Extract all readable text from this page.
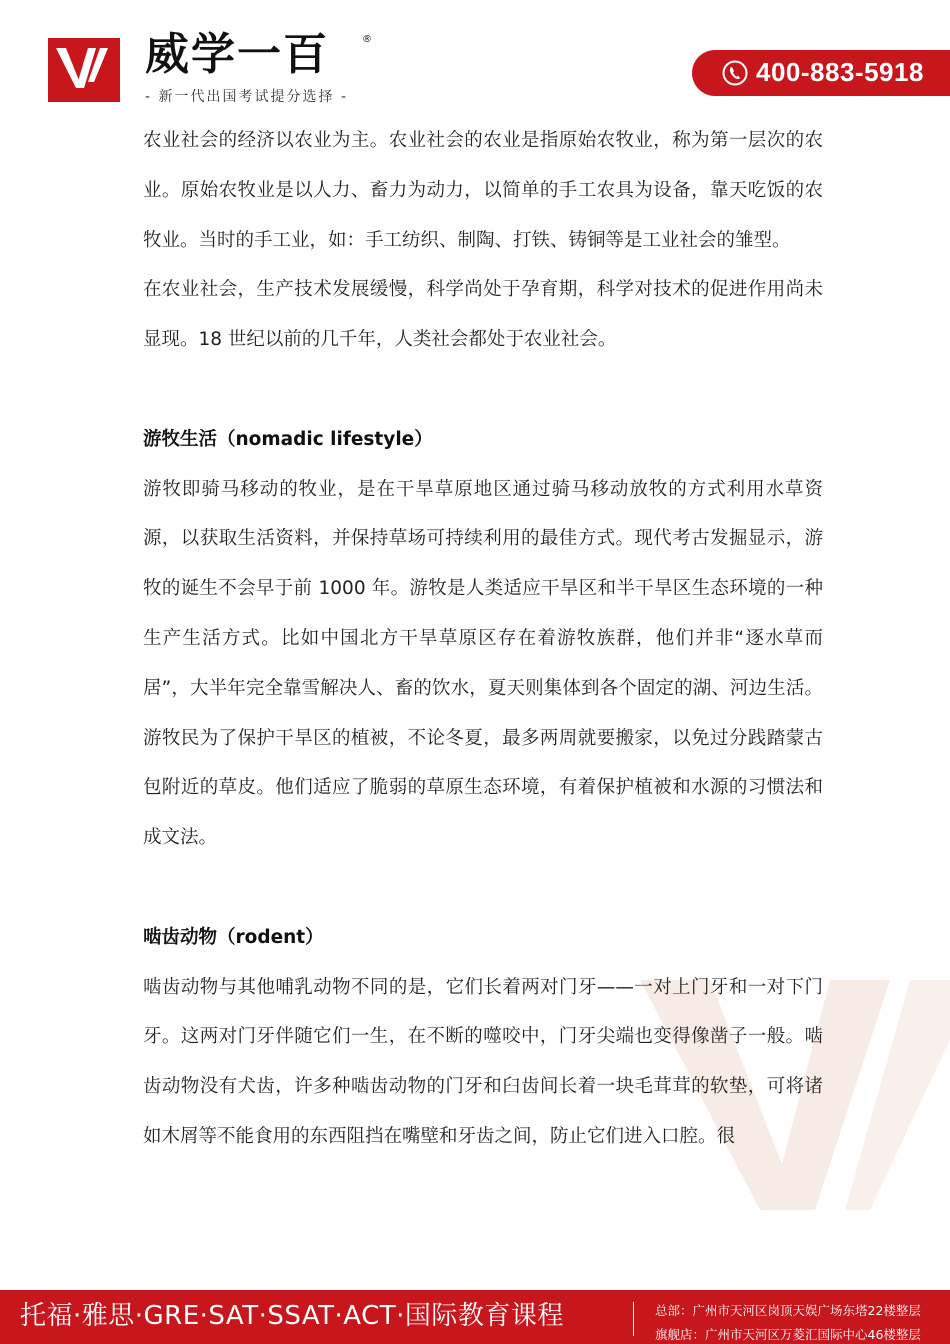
威学一百	®
- 新一代出国考试提分选择 -
400-883-5918

农业社会的经济以农业为主。农业社会的农业是指原始农牧业，称为第一层次的农业。原始农牧业是以人力、畜力为动力，以简单的手工农具为设备，靠天吃饭的农牧业。当时的手工业，如：手工纺织、制陶、打铁、铸铜等是工业社会的雏型。

在农业社会，生产技术发展缓慢，科学尚处于孕育期，科学对技术的促进作用尚未显现。18 世纪以前的几千年，人类社会都处于农业社会。

游牧生活（nomadic lifestyle）

游牧即骑马移动的牧业，是在干旱草原地区通过骑马移动放牧的方式利用水草资源，以获取生活资料，并保持草场可持续利用的最佳方式。现代考古发掘显示，游牧的诞生不会早于前 1000 年。游牧是人类适应干旱区和半干旱区生态环境的一种生产生活方式。比如中国北方干旱草原区存在着游牧族群，他们并非“逐水草而居”，大半年完全靠雪解决人、畜的饮水，夏天则集体到各个固定的湖、河边生活。游牧民为了保护干旱区的植被，不论冬夏，最多两周就要搬家，以免过分践踏蒙古包附近的草皮。他们适应了脆弱的草原生态环境，有着保护植被和水源的习惯法和成文法。

啮齿动物（rodent）

啮齿动物与其他哺乳动物不同的是，它们长着两对门牙——一对上门牙和一对下门牙。这两对门牙伴随它们一生，在不断的噬咬中，门牙尖端也变得像凿子一般。啮齿动物没有犬齿，许多种啮齿动物的门牙和臼齿间长着一块毛茸茸的软垫，可将诸如木屑等不能食用的东西阻挡在嘴壁和牙齿之间，防止它们进入口腔。很

托福·雅思·GRE·SAT·SSAT·ACT·国际教育课程	总部：广州市天河区岗顶天娱广场东塔22楼整层
旗舰店：广州市天河区万菱汇国际中心46楼整层
